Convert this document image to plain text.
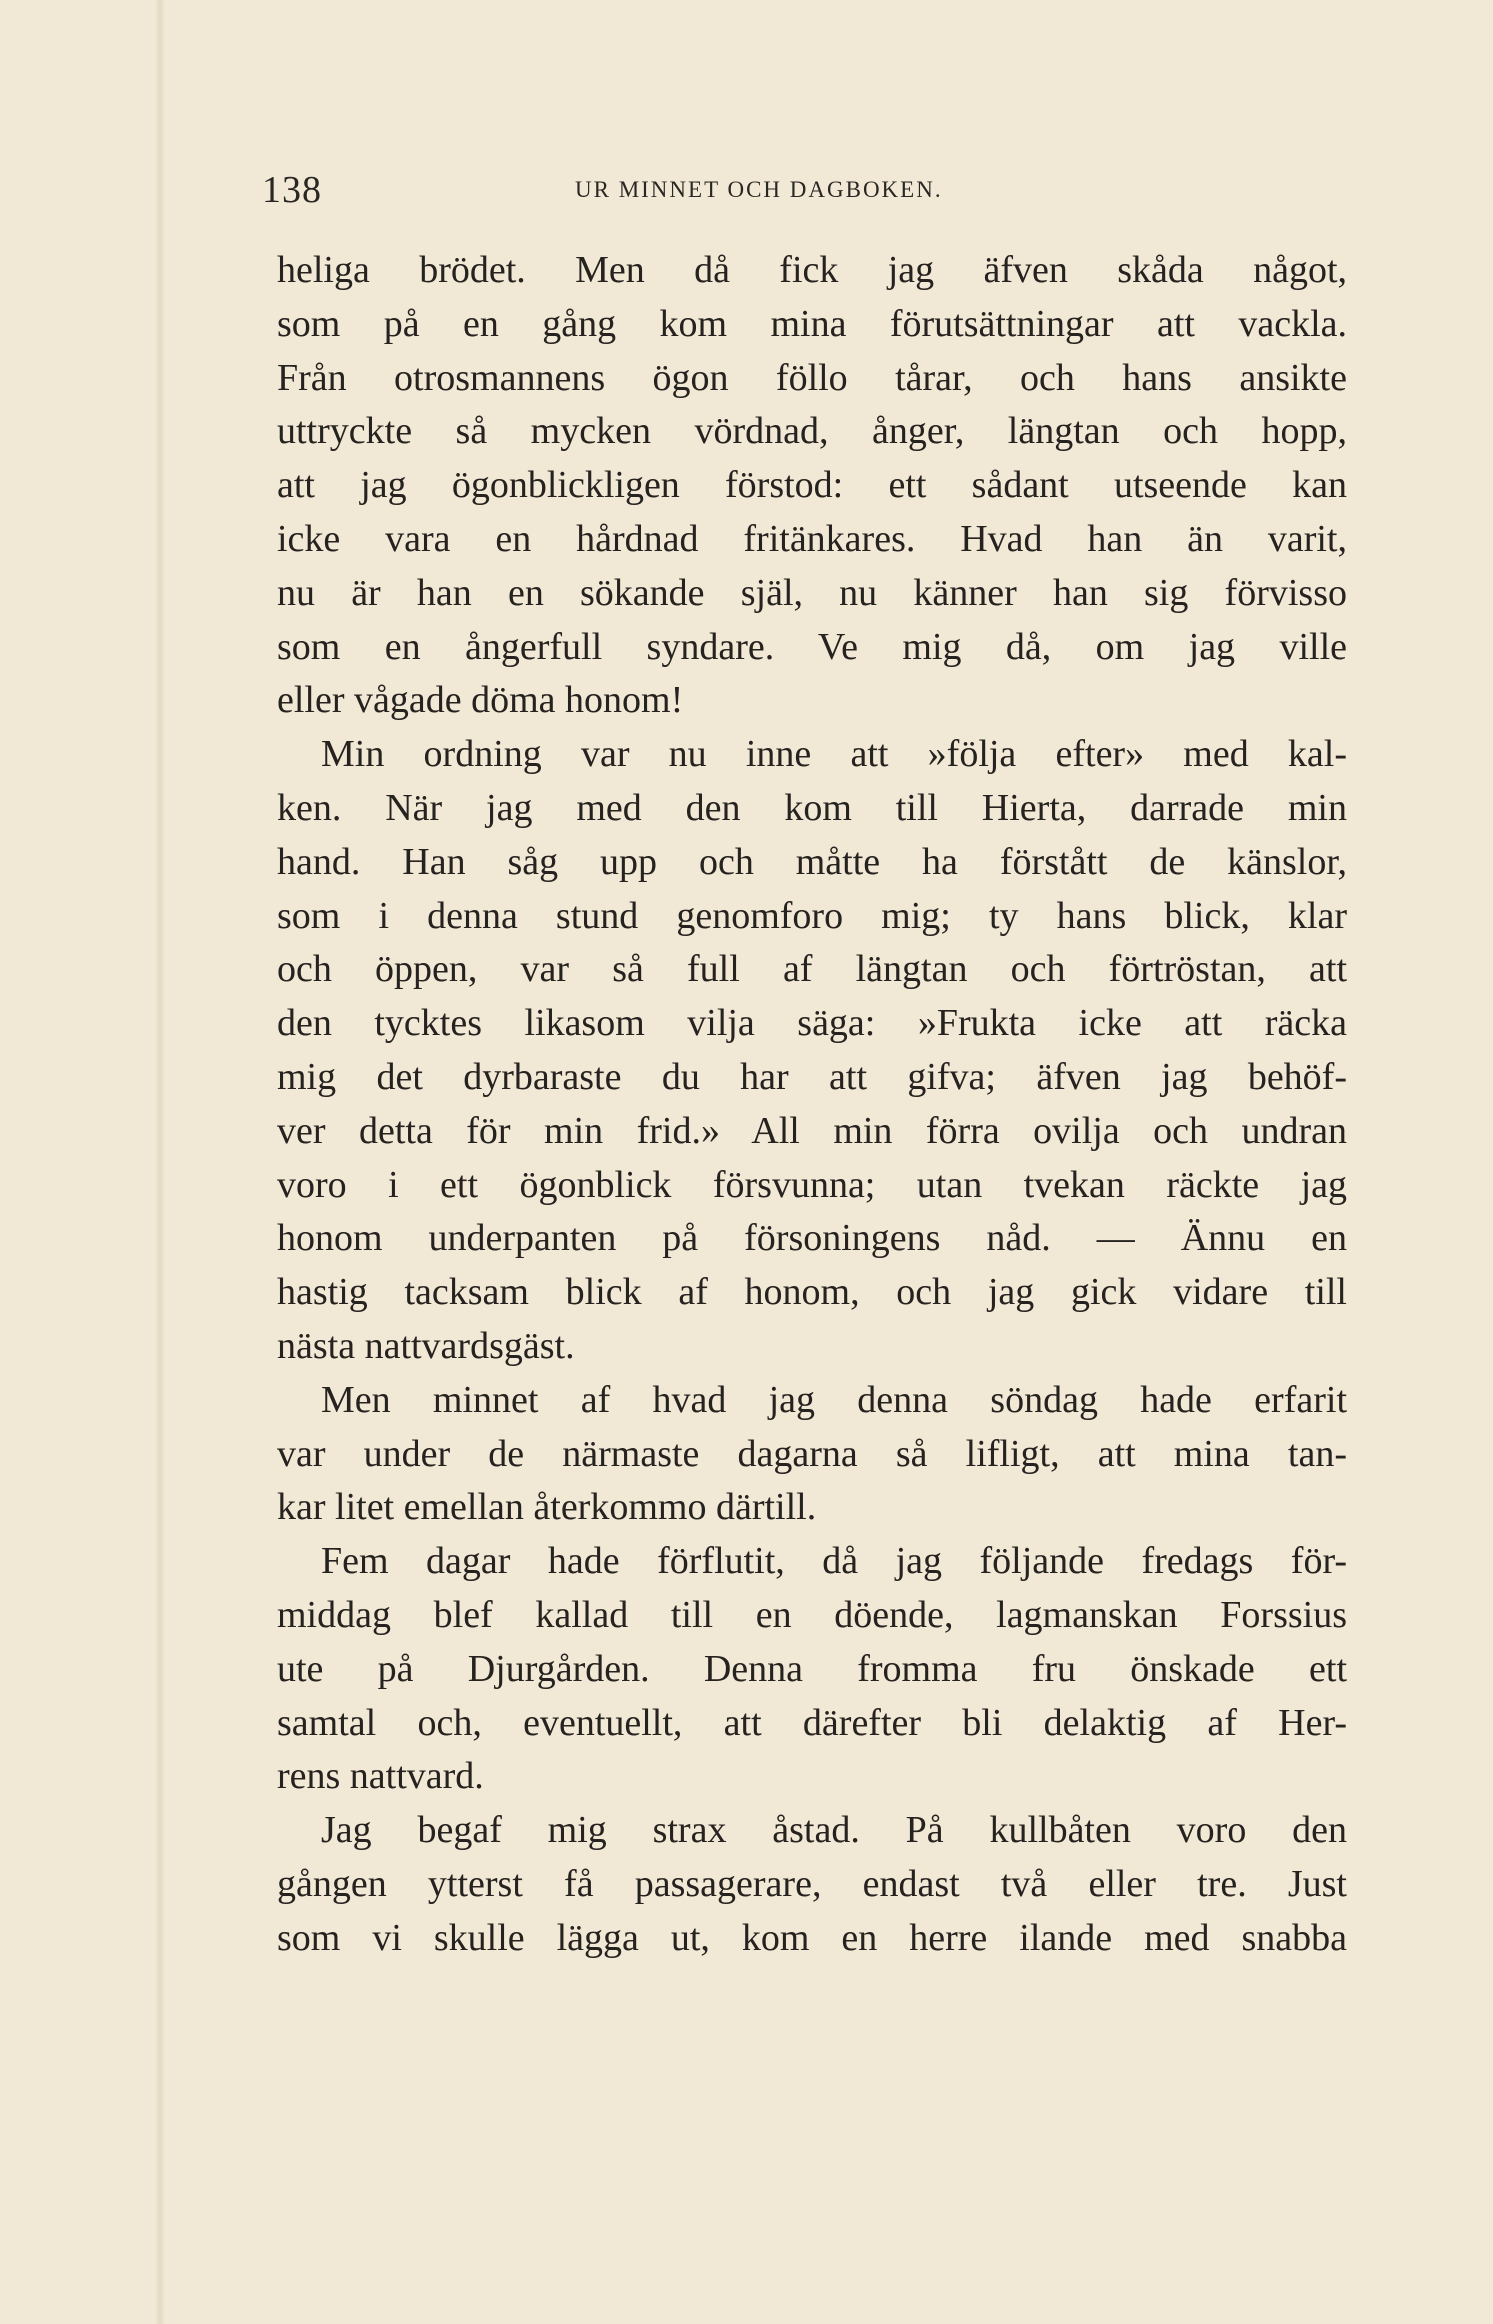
138	UR MINNET OCH DAGBOKEN.
heliga brödet. Men då fick jag äfven skåda något,
som på en gång kom mina förutsättningar att vackla.
Från otrosmannens ögon föllo tårar, och hans ansikte
uttryckte så mycken vördnad, ånger, längtan och hopp,
att jag ögonblickligen förstod: ett sådant utseende kan
icke vara en hårdnad fritänkares. Hvad han än varit,
nu är han en sökande själ, nu känner han sig förvisso
som en ångerfull syndare. Ve mig då, om jag ville
eller vågade döma honom!
Min ordning var nu inne att »följa efter» med kal-
ken. När jag med den kom till Hierta, darrade min
hand. Han såg upp och måtte ha förstått de känslor,
som i denna stund genomforo mig; ty hans blick, klar
och öppen, var så full af längtan och förtröstan, att
den tycktes likasom vilja säga: »Frukta icke att räcka
mig det dyrbaraste du har att gifva; äfven jag behöf-
ver detta för min frid.» All min förra ovilja och undran
voro i ett ögonblick försvunna; utan tvekan räckte jag
honom underpanten på försoningens nåd. — Ännu en
hastig tacksam blick af honom, och jag gick vidare till
nästa nattvardsgäst.
Men minnet af hvad jag denna söndag hade erfarit
var under de närmaste dagarna så lifligt, att mina tan-
kar litet emellan återkommo därtill.
Fem dagar hade förflutit, då jag följande fredags för-
middag blef kallad till en döende, lagmanskan Forssius
ute på Djurgården. Denna fromma fru önskade ett
samtal och, eventuellt, att därefter bli delaktig af Her-
rens nattvard.
Jag begaf mig strax åstad. På kullbåten voro den
gången ytterst få passagerare, endast två eller tre. Just
som vi skulle lägga ut, kom en herre ilande med snabba
